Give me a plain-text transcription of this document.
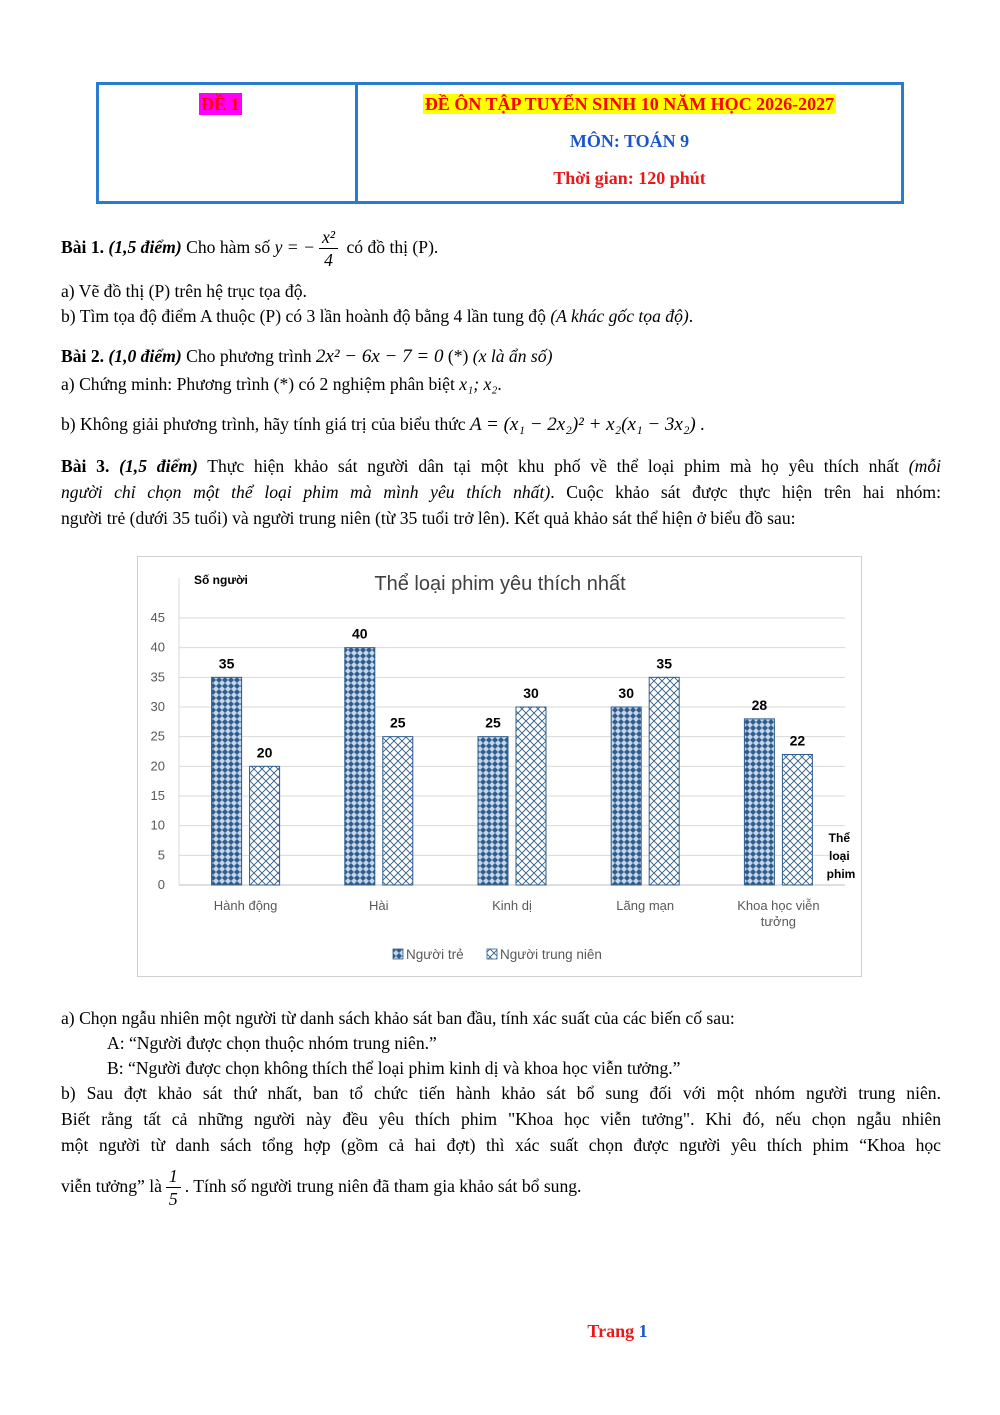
ĐỀ 1	ĐỀ ÔN TẬP TUYỂN SINH 10 NĂM HỌC 2026-2027
MÔN: TOÁN 9
Thời gian: 120 phút
Bài 1. (1,5 điểm) Cho hàm số y = − $\frac{\text{x²}}{4}$ có đồ thị (P).
a) Vẽ đồ thị (P) trên hệ trục tọa độ.
b) Tìm tọa độ điểm A thuộc (P) có 3 lần hoành độ bằng 4 lần tung độ (A khác gốc tọa độ).
Bài 2. (1,0 điểm) Cho phương trình 2x² − 6x − 7 = 0 (*) (x là ẩn số)
a) Chứng minh: Phương trình (*) có 2 nghiệm phân biệt x₁; x₂.
b) Không giải phương trình, hãy tính giá trị của biểu thức A = (x₁ − 2x₂)² + x₂(x₁ − 3x₂) .
Bài 3. (1,5 điểm) Thực hiện khảo sát người dân tại một khu phố về thể loại phim mà họ yêu thích nhất (mỗi
người chỉ chọn một thể loại phim mà mình yêu thích nhất). Cuộc khảo sát được thực hiện trên hai nhóm:
người trẻ (dưới 35 tuổi) và người trung niên (từ 35 tuổi trở lên). Kết quả khảo sát thể hiện ở biểu đồ sau:
Thể loại phim yêu thích nhất
Số người
0
5
10
15
20
25
30
35
40
45
35
20
40
25	25
30	30
35
28
22
Hành động	Hài	Kinh dị	Lãng mạn	Khoa học viễn
tưởng
Thể loại phim
Người trẻ	Người trung niên
a) Chọn ngẫu nhiên một người từ danh sách khảo sát ban đầu, tính xác suất của các biến cố sau:
A: “Người được chọn thuộc nhóm trung niên.”
B: “Người được chọn không thích thể loại phim kinh dị và khoa học viễn tưởng.”
b) Sau đợt khảo sát thứ nhất, ban tổ chức tiến hành khảo sát bổ sung đối với một nhóm người trung niên.
Biết rằng tất cả những người này đều yêu thích phim "Khoa học viễn tưởng". Khi đó, nếu chọn ngẫu nhiên
một người từ danh sách tổng hợp (gồm cả hai đợt) thì xác suất chọn được người yêu thích phim “Khoa học
viễn tưởng” là $\frac{1}{5}$ . Tính số người trung niên đã tham gia khảo sát bổ sung.
Trang 1
